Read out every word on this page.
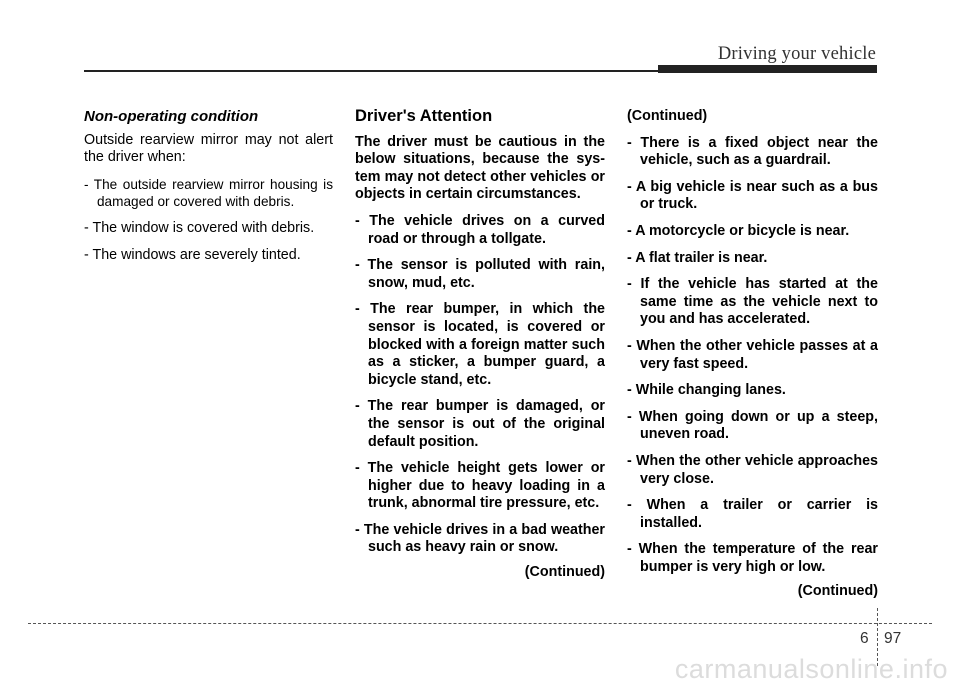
Driving your vehicle
Non-operating condition
Outside rearview mirror may not alert the driver when:
- The outside rearview mirror housing is damaged or covered with debris.
- The window is covered with debris.
- The windows are severely tinted.
Driver's Attention
The driver must be cautious in the below situations, because the sys-tem may not detect other vehicles or objects in certain circumstances.
- The vehicle drives on a curved road or through a tollgate.
- The sensor is polluted with rain, snow, mud, etc.
- The rear bumper, in which the sensor is located, is covered or blocked with a foreign matter such as a sticker, a bumper guard, a bicycle stand, etc.
- The rear bumper is damaged, or the sensor is out of the original default position.
- The vehicle height gets lower or higher due to heavy loading in a trunk, abnormal tire pressure, etc.
- The vehicle drives in a bad weather such as heavy rain or snow.
(Continued)
(Continued)
- There is a fixed object near the vehicle, such as a guardrail.
- A big vehicle is near such as a bus or truck.
- A motorcycle or bicycle is near.
- A flat trailer is near.
- If the vehicle has started at the same time as the vehicle next to you and has accelerated.
- When the other vehicle passes at a very fast speed.
- While changing lanes.
- When going down or up a steep, uneven road.
- When the other vehicle approaches very close.
- When a trailer or carrier is installed.
- When the temperature of the rear bumper is very high or low.
(Continued)
6 97
carmanualsonline.info
